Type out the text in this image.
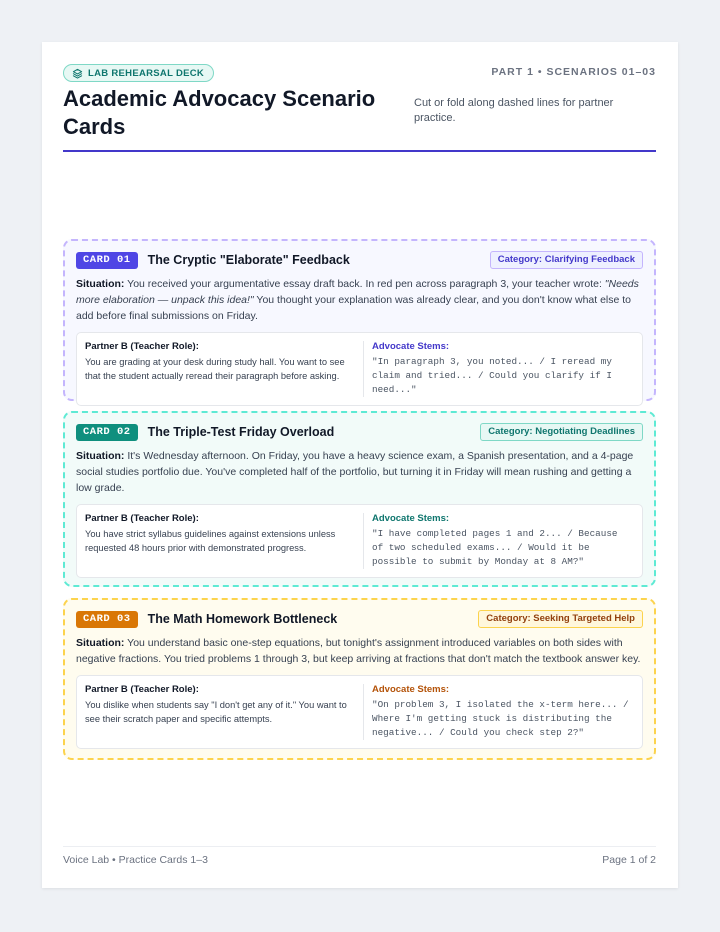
LAB REHEARSAL DECK	PART 1 • SCENARIOS 01–03
Academic Advocacy Scenario Cards
Cut or fold along dashed lines for partner practice.
CARD 01	The Cryptic "Elaborate" Feedback	Category: Clarifying Feedback

Situation: You received your argumentative essay draft back. In red pen across paragraph 3, your teacher wrote: "Needs more elaboration — unpack this idea!" You thought your explanation was already clear, and you don't know what else to add before final submissions on Friday.

Partner B (Teacher Role):
You are grading at your desk during study hall. You want to see that the student actually reread their paragraph before asking.
Advocate Stems:
"In paragraph 3, you noted... / I reread my claim and tried... / Could you clarify if I need..."
CARD 02	The Triple-Test Friday Overload	Category: Negotiating Deadlines

Situation: It's Wednesday afternoon. On Friday, you have a heavy science exam, a Spanish presentation, and a 4-page social studies portfolio due. You've completed half of the portfolio, but turning it in Friday will mean rushing and getting a low grade.

Partner B (Teacher Role):
You have strict syllabus guidelines against extensions unless requested 48 hours prior with demonstrated progress.
Advocate Stems:
"I have completed pages 1 and 2... / Because of two scheduled exams... / Would it be possible to submit by Monday at 8 AM?"
CARD 03	The Math Homework Bottleneck	Category: Seeking Targeted Help

Situation: You understand basic one-step equations, but tonight's assignment introduced variables on both sides with negative fractions. You tried problems 1 through 3, but keep arriving at fractions that don't match the textbook answer key.

Partner B (Teacher Role):
You dislike when students say "I don't get any of it." You want to see their scratch paper and specific attempts.
Advocate Stems:
"On problem 3, I isolated the x-term here... / Where I'm getting stuck is distributing the negative... / Could you check step 2?"
Voice Lab • Practice Cards 1–3	Page 1 of 2
